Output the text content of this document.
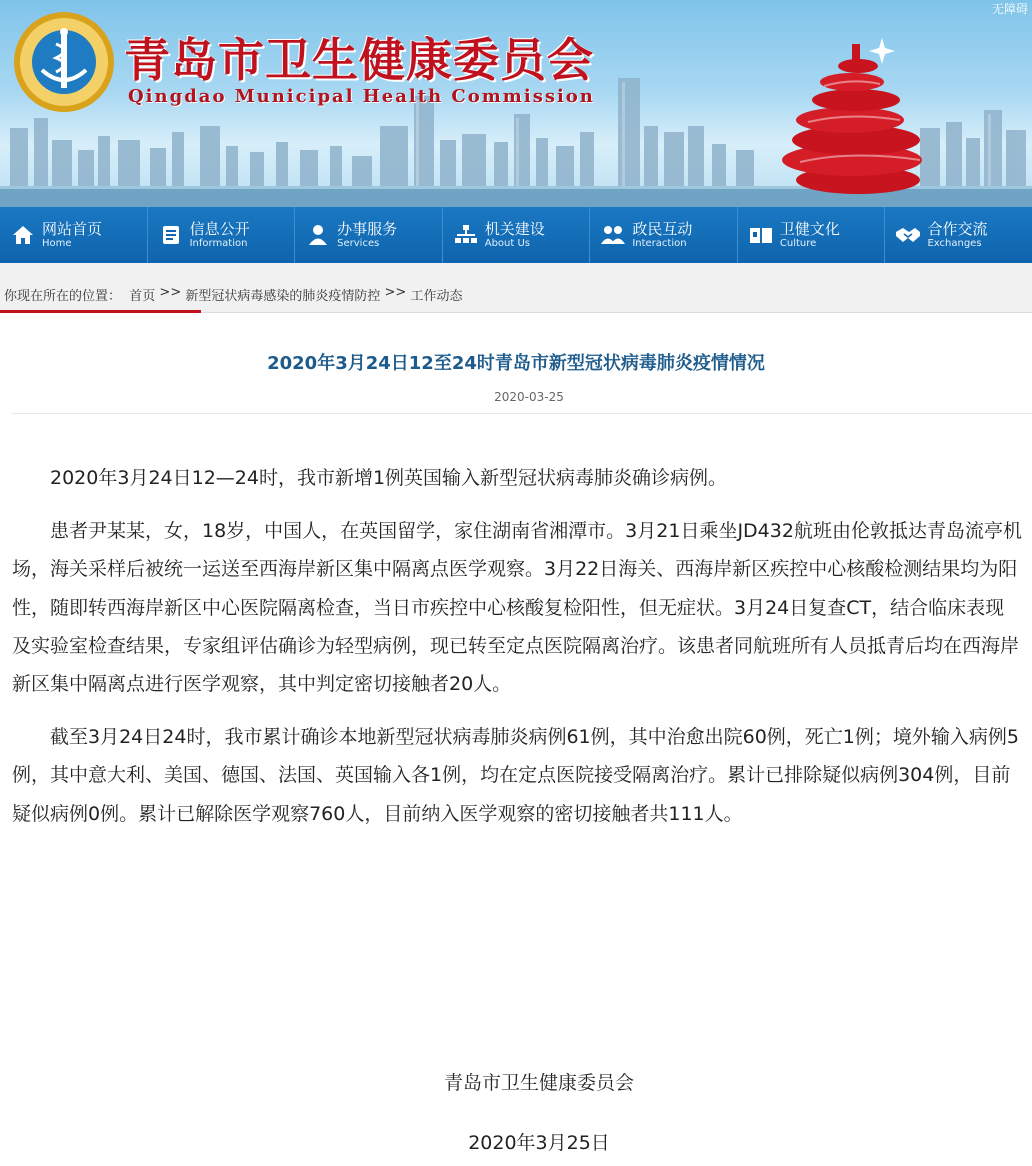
青岛市卫生健康委员会
Qingdao Municipal Health Commission
无障碍
网站首页
Home
信息公开
Information
办事服务
Services
机关建设
About Us
政民互动
Interaction
卫健文化
Culture
合作交流
Exchanges
你现在所在的位置：
首页 >> 新型冠状病毒感染的肺炎疫情防控 >> 工作动态
2020年3月24日12至24时青岛市新型冠状病毒肺炎疫情情况
2020-03-25

2020年3月24日12—24时，我市新增1例英国输入新型冠状病毒肺炎确诊病例。

患者尹某某，女，18岁，中国人，在英国留学，家住湖南省湘潭市。3月21日乘坐JD432航班由伦敦抵达青岛流亭机场，海关采样后被统一运送至西海岸新区集中隔离点医学观察。3月22日海关、西海岸新区疾控中心核酸检测结果均为阳性，随即转西海岸新区中心医院隔离检查，当日市疾控中心核酸复检阳性，但无症状。3月24日复查CT，结合临床表现及实验室检查结果，专家组评估确诊为轻型病例，现已转至定点医院隔离治疗。该患者同航班所有人员抵青后均在西海岸新区集中隔离点进行医学观察，其中判定密切接触者20人。

截至3月24日24时，我市累计确诊本地新型冠状病毒肺炎病例61例，其中治愈出院60例，死亡1例；境外输入病例5例，其中意大利、美国、德国、法国、英国输入各1例，均在定点医院接受隔离治疗。累计已排除疑似病例304例，目前疑似病例0例。累计已解除医学观察760人，目前纳入医学观察的密切接触者共111人。

青岛市卫生健康委员会
2020年3月25日
